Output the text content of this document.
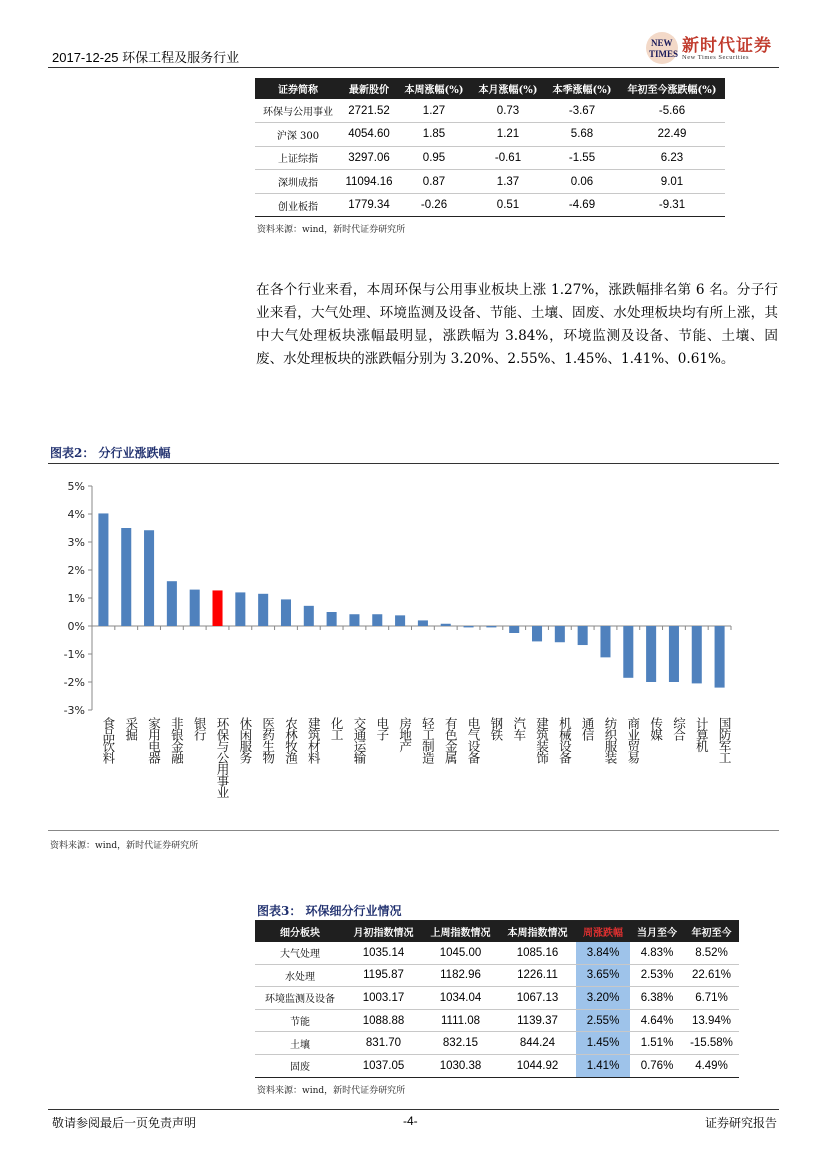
2017-12-25 环保工程及服务行业
NEW
TIMES 新时代证券
New Times Securities
证券简称	最新股价	本周涨幅(%)	本月涨幅(%)	本季涨幅(%)	年初至今涨跌幅(%)
环保与公用事业	2721.52	1.27	0.73	-3.67	-5.66
沪深 300	4054.60	1.85	1.21	5.68	22.49
上证综指	3297.06	0.95	-0.61	-1.55	6.23
深圳成指	11094.16	0.87	1.37	0.06	9.01
创业板指	1779.34	-0.26	0.51	-4.69	-9.31
资料来源：wind，新时代证券研究所
在各个行业来看，本周环保与公用事业板块上涨 1.27%，涨跌幅排名第 6 名。分子行业来看，大气处理、环境监测及设备、节能、土壤、固废、水处理板块均有所上涨，其中大气处理板块涨幅最明显，涨跌幅为 3.84%，环境监测及设备、节能、土壤、固废、水处理板块的涨跌幅分别为 3.20%、2.55%、1.45%、1.41%、0.61%。
图表2： 分行业涨跌幅
5%
4%
3%
2%
1%
0%
-1%
-2%
-3%
食品饮料 采掘 家用电器 非银金融 银行 环保与公用事业 休闲服务 医药生物 农林牧渔 建筑材料 化工 交通运输 电子 房地产 轻工制造 有色金属 电气设备 钢铁 汽车 建筑装饰 机械设备 通信 纺织服装 商业贸易 传媒 综合 计算机 国防军工
资料来源：wind，新时代证券研究所
图表3： 环保细分行业情况
细分板块	月初指数情况	上周指数情况	本周指数情况	周涨跌幅	当月至今	年初至今
大气处理	1035.14	1045.00	1085.16	3.84%	4.83%	8.52%
水处理	1195.87	1182.96	1226.11	3.65%	2.53%	22.61%
环境监测及设备	1003.17	1034.04	1067.13	3.20%	6.38%	6.71%
节能	1088.88	1111.08	1139.37	2.55%	4.64%	13.94%
土壤	831.70	832.15	844.24	1.45%	1.51%	-15.58%
固废	1037.05	1030.38	1044.92	1.41%	0.76%	4.49%
资料来源：wind，新时代证券研究所
敬请参阅最后一页免责声明	-4-	证券研究报告
